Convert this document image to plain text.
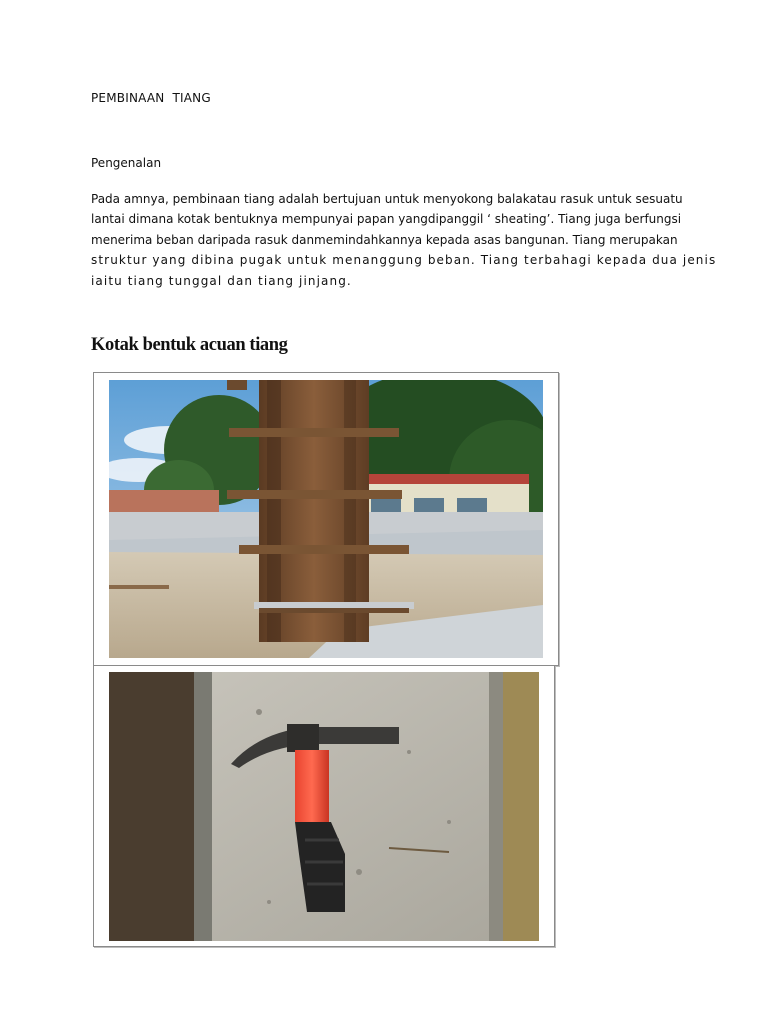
PEMBINAAN  TIANG
Pengenalan
Pada amnya, pembinaan tiang adalah bertujuan untuk menyokong balakatau rasuk untuk sesuatu
lantai dimana kotak bentuknya mempunyai papan yangdipanggil ‘ sheating’. Tiang juga berfungsi
menerima beban daripada rasuk danmemindahkannya kepada asas bangunan. Tiang merupakan
struktur yang dibina pugak untuk menanggung beban. Tiang terbahagi kepada dua jenis
iaitu tiang tunggal dan tiang jinjang.
Kotak bentuk acuan tiang
